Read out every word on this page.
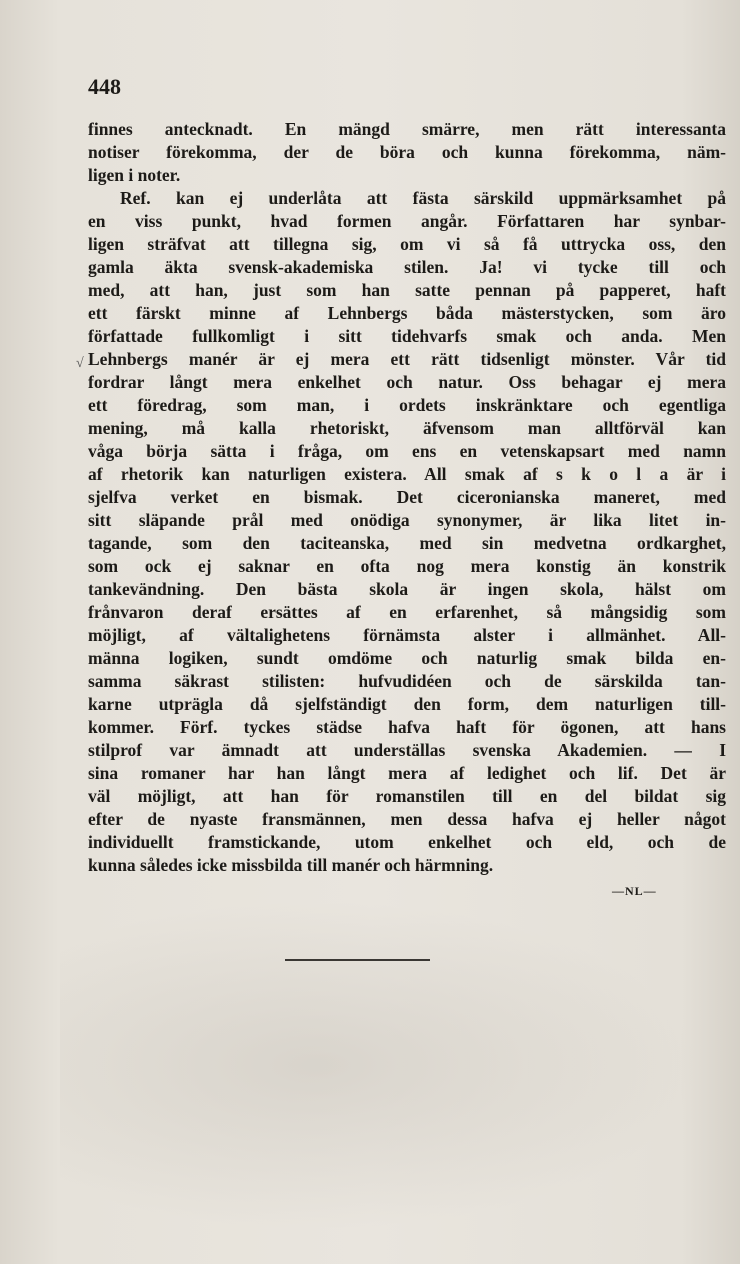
448
√
finnes antecknadt. En mängd smärre, men rätt interessanta
notiser förekomma, der de böra och kunna förekomma, näm-
ligen i noter.
Ref. kan ej underlåta att fästa särskild uppmärksamhet på
en viss punkt, hvad formen angår. Författaren har synbar-
ligen sträfvat att tillegna sig, om vi så få uttrycka oss, den
gamla äkta svensk-akademiska stilen. Ja! vi tycke till och
med, att han, just som han satte pennan på papperet, haft
ett färskt minne af Lehnbergs båda mästerstycken, som äro
författade fullkomligt i sitt tidehvarfs smak och anda. Men
Lehnbergs manér är ej mera ett rätt tidsenligt mönster. Vår tid
fordrar långt mera enkelhet och natur. Oss behagar ej mera
ett föredrag, som man, i ordets inskränktare och egentliga
mening, må kalla rhetoriskt, äfvensom man alltförväl kan
våga börja sätta i fråga, om ens en vetenskapsart med namn
af rhetorik kan naturligen existera. All smak af s k o l a är i
sjelfva verket en bismak. Det ciceronianska maneret, med
sitt släpande prål med onödiga synonymer, är lika litet in-
tagande, som den taciteanska, med sin medvetna ordkarghet,
som ock ej saknar en ofta nog mera konstig än konstrik
tankevändning. Den bästa skola är ingen skola, hälst om
frånvaron deraf ersättes af en erfarenhet, så mångsidig som
möjligt, af vältalighetens förnämsta alster i allmänhet. All-
männa logiken, sundt omdöme och naturlig smak bilda en-
samma säkrast stilisten: hufvudidéen och de särskilda tan-
karne utprägla då sjelfständigt den form, dem naturligen till-
kommer. Förf. tyckes städse hafva haft för ögonen, att hans
stilprof var ämnadt att underställas svenska Akademien. — I
sina romaner har han långt mera af ledighet och lif. Det är
väl möjligt, att han för romanstilen till en del bildat sig
efter de nyaste fransmännen, men dessa hafva ej heller något
individuellt framstickande, utom enkelhet och eld, och de
kunna således icke missbilda till manér och härmning.
—NL—
